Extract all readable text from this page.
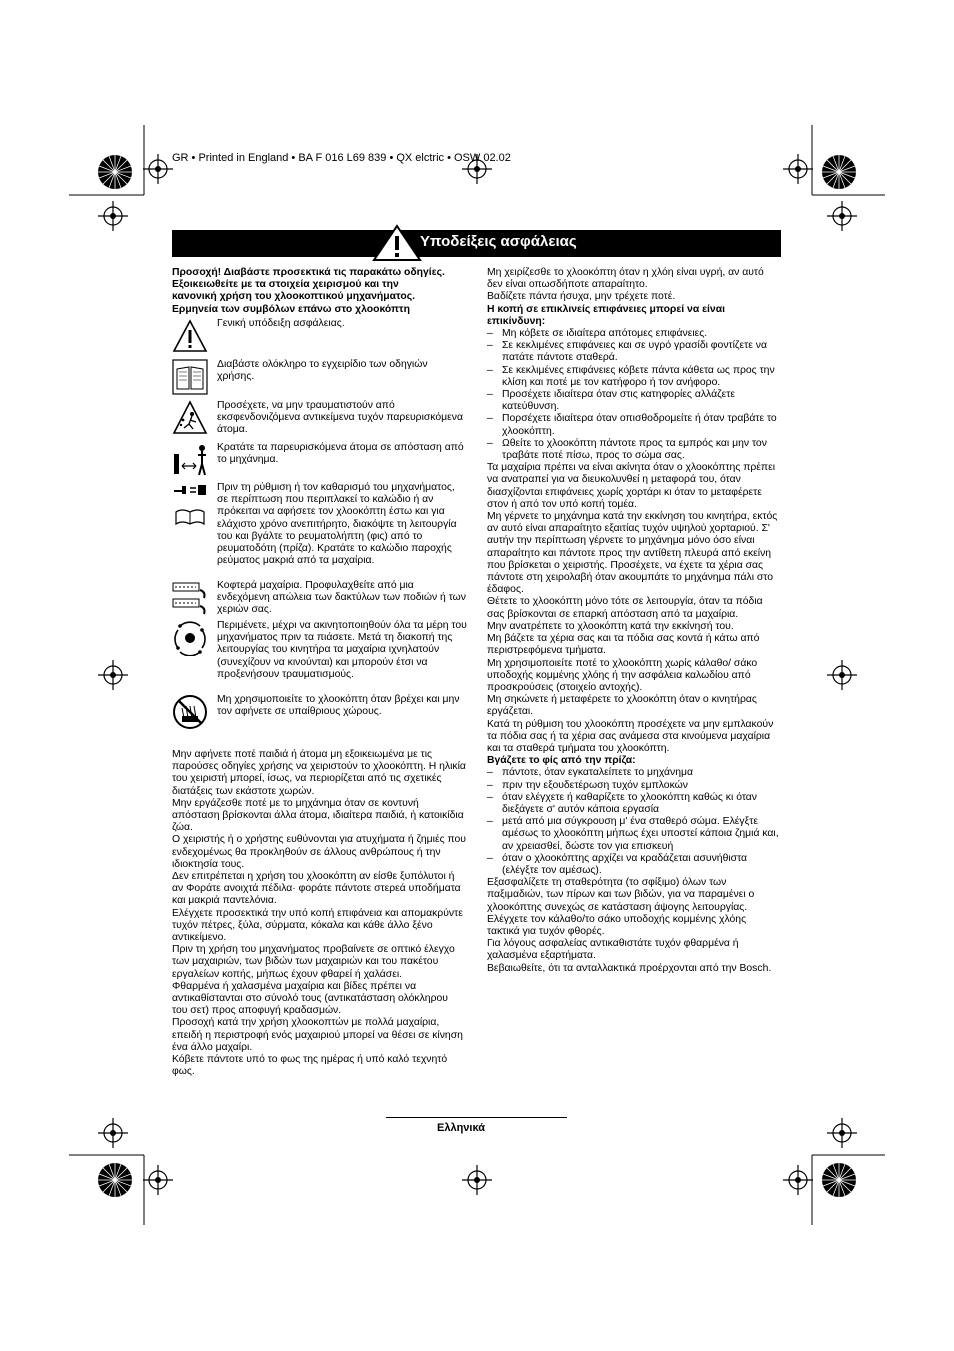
GR • Printed in England • BA F 016 L69 839 • QX elctric • OSW 02.02
Υποδείξεις ασφάλειας

Προσοχή! Διαβάστε προσεκτικά τις παρακάτω οδηγίες.

Εξοικειωθείτε με τα στοιχεία χειρισμού και την

κανονική χρήση του χλοοκοπτικού μηχανήματος.

Ερμηνεία των συμβόλων επάνω στο χλοοκόπτη

Γενική υπόδειξη ασφάλειας.
Διαβάστε ολόκληρο το εγχειρίδιο των οδηγιών χρήσης.
Προσέχετε, να μην τραυματιστούν από εκσφενδονιζόμενα αντικείμενα τυχόν παρευρισκόμενα άτομα.
Κρατάτε τα παρευρισκόμενα άτομα σε απόσταση από το μηχάνημα.
Πριν τη ρύθμιση ή τον καθαρισμό του μηχανήματος, σε περίπτωση που περιπλακεί το καλώδιο ή αν πρόκειται να αφήσετε τον χλοοκόπτη έστω και για ελάχιστο χρόνο ανεπιτήρητο, διακόψτε τη λειτουργία του και βγάλτε το ρευματολήπτη (φις) από το ρευματοδότη (πρίζα). Κρατάτε το καλώδιο παροχής ρεύματος μακριά από τα μαχαίρια.
Κοφτερά μαχαίρια. Προφυλαχθείτε από μια ενδεχόμενη απώλεια των δακτύλων των ποδιών ή των χεριών σας.
Περιμένετε, μέχρι να ακινητοποιηθούν όλα τα μέρη του μηχανήματος πριν τα πιάσετε. Μετά τη διακοπή της λειτουργίας του κινητήρα τα μαχαίρια ιχνηλατούν (συνεχίζουν να κινούνται) και μπορούν έτσι να προξενήσουν τραυματισμούς.
Μη χρησιμοποιείτε το χλοοκόπτη όταν βρέχει και μην τον αφήνετε σε υπαίθριους χώρους.

Μην αφήνετε ποτέ παιδιά ή άτομα μη εξοικειωμένα με τις παρούσες οδηγίες χρήσης να χειριστούν το χλοοκόπτη. Η ηλικία του χειριστή μπορεί, ίσως, να περιορίζεται από τις σχετικές διατάξεις των εκάστοτε χωρών.

Μην εργάζεσθε ποτέ με το μηχάνημα όταν σε κοντυνή απόσταση βρίσκονται άλλα άτομα, ιδιαίτερα παιδιά, ή κατοικίδια ζώα.

Ο χειριστής ή ο χρήστης ευθύνονται για ατυχήματα ή ζημιές που ενδεχομένως θα προκληθούν σε άλλους ανθρώπους ή την ιδιοκτησία τους.

Δεν επιτρέπεται η χρήση του χλοοκόπτη αν είσθε ξυπόλυτοι ή αν Φοράτε ανοιχτά πέδιλα· φοράτε πάντοτε στερεά υποδήματα και μακριά παντελόνια.

Ελέγχετε προσεκτικά την υπό κοπή επιφάνεια και απομακρύντε τυχόν πέτρες, ξύλα, σύρματα, κόκαλα και κάθε άλλο ξένο αντικείμενο.

Πριν τη χρήση του μηχανήματος προβαίνετε σε οπτικό έλεγχο των μαχαιριών, των βιδών των μαχαιριών και του πακέτου εργαλείων κοπής, μήπως έχουν φθαρεί ή χαλάσει.

Φθαρμένα ή χαλασμένα μαχαίρια και βίδες πρέπει να αντικαθίστανται στο σύνολό τους (αντικατάσταση ολόκληρου του σετ) προς αποφυγή κραδασμών.

Προσοχή κατά την χρήση χλοοκοπτών με πολλά μαχαίρια, επειδή η περιστροφή ενός μαχαιριού μπορεί να θέσει σε κίνηση ένα άλλο μαχαίρι.

Κόβετε πάντοτε υπό το φως της ημέρας ή υπό καλό τεχνητό φως.

Μη χειρίζεσθε το χλοοκόπτη όταν η χλόη είναι υγρή, αν αυτό δεν είναι οπωσδήποτε απαραίτητο.

Βαδίζετε πάντα ήσυχα, μην τρέχετε ποτέ.

Η κοπή σε επικλινείς επιφάνειες μπορεί να είναι επικίνδυνη:

– Μη κόβετε σε ιδιαίτερα απότομες επιφάνειες.
– Σε κεκλιμένες επιφάνειες και σε υγρό γρασίδι φοντίζετε να πατάτε πάντοτε σταθερά.
– Σε κεκλιμένες επιφάνειες κόβετε πάντα κάθετα ως προς την κλίση και ποτέ με τον κατήφορο ή τον ανήφορο.
– Προσέχετε ιδιαίτερα όταν στις κατηφορίες αλλάζετε κατεύθυνση.
– Πορσέχετε ιδιαίτερα όταν οπισθοδρομείτε ή όταν τραβάτε το χλοοκόπτη.
– Ωθείτε το χλοοκόπτη πάντοτε προς τα εμπρός και μην τον τραβάτε ποτέ πίσω, προς το σώμα σας.

Τα μαχαίρια πρέπει να είναι ακίνητα όταν ο χλοοκόπτης πρέπει να ανατραπεί για να διευκολυνθεί η μεταφορά του, όταν διασχίζονται επιφάνειες χωρίς χορτάρι κι όταν το μεταφέρετε στον ή από τον υπό κοπή τομέα.

Μη γέρνετε το μηχάνημα κατά την εκκίνηση του κινητήρα, εκτός αν αυτό είναι απαραίτητο εξαιτίας τυχόν υψηλού χορταριού. Σ' αυτήν την περίπτωση γέρνετε το μηχάνημα μόνο όσο είναι απαραίτητο και πάντοτε προς την αντίθετη πλευρά από εκείνη που βρίσκεται ο χειριστής. Προσέχετε, να έχετε τα χέρια σας πάντοτε στη χειρολαβή όταν ακουμπάτε το μηχάνημα πάλι στο έδαφος.

Θέτετε το χλοοκόπτη μόνο τότε σε λειτουργία, όταν τα πόδια σας βρίσκονται σε επαρκή απόσταση από τα μαχαίρια.

Μην ανατρέπετε το χλοοκόπτη κατά την εκκίνησή του.

Μη βάζετε τα χέρια σας και τα πόδια σας κοντά ή κάτω από περιστρεφόμενα τμήματα.

Μη χρησιμοποιείτε ποτέ το χλοοκόπτη χωρίς κάλαθο/ σάκο υποδοχής κομμένης χλόης ή την ασφάλεια καλωδίου από προσκρούσεις (στοιχείο αντοχής).

Μη σηκώνετε ή μεταφέρετε το χλοοκόπτη όταν ο κινητήρας εργάζεται.

Κατά τη ρύθμιση του χλοοκόπτη προσέχετε να μην εμπλακούν τα πόδια σας ή τα χέρια σας ανάμεσα στα κινούμενα μαχαίρια και τα σταθερά τμήματα του χλοοκόπτη.

Βγάζετε το φίς από την πρίζα:

– πάντοτε, όταν εγκαταλείπετε το μηχάνημα
– πριν την εξουδετέρωση τυχόν εμπλοκών
– όταν ελέγχετε ή καθαρίζετε το χλοοκόπτη καθώς κι όταν διεξάγετε σ' αυτόν κάποια εργασία
– μετά από μια σύγκρουση μ' ένα σταθερό σώμα. Ελέγξτε αμέσως το χλοοκόπτη μήπως έχει υποστεί κάποια ζημιά και, αν χρειασθεί, δώστε τον για επισκευή
– όταν ο χλοοκόπτης αρχίζει να κραδάζεται ασυνήθιστα (ελέγξτε τον αμέσως).

Εξασφαλίζετε τη σταθερότητα (το σφίξιμο) όλων των παξιμαδιών, των πίρων και των βιδών, για να παραμένει ο χλοοκόπτης συνεχώς σε κατάσταση άψογης λειτουργίας.

Ελέγχετε τον κάλαθο/το σάκο υποδοχής κομμένης χλόης τακτικά για τυχόν φθορές.

Για λόγους ασφαλείας αντικαθιστάτε τυχόν φθαρμένα ή χαλασμένα εξαρτήματα.

Βεβαιωθείτε, ότι τα ανταλλακτικά προέρχονται από την Bosch.

Ελληνικά
